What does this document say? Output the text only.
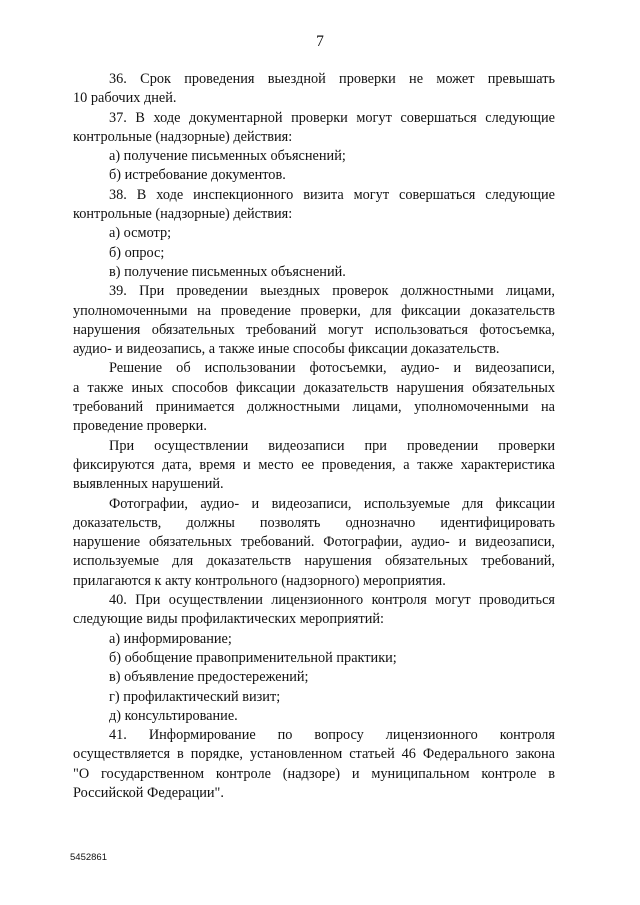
7
36. Срок проведения выездной проверки не может превышать
10 рабочих дней.
37. В ходе документарной проверки могут совершаться следующие
контрольные (надзорные) действия:
а) получение письменных объяснений;
б) истребование документов.
38. В ходе инспекционного визита могут совершаться следующие
контрольные (надзорные) действия:
а) осмотр;
б) опрос;
в) получение письменных объяснений.
39. При проведении выездных проверок должностными лицами,
уполномоченными на проведение проверки, для фиксации доказательств
нарушения обязательных требований могут использоваться фотосъемка,
аудио- и видеозапись, а также иные способы фиксации доказательств.
Решение об использовании фотосъемки, аудио- и видеозаписи,
а также иных способов фиксации доказательств нарушения обязательных
требований принимается должностными лицами, уполномоченными на
проведение проверки.
При осуществлении видеозаписи при проведении проверки
фиксируются дата, время и место ее проведения, а также характеристика
выявленных нарушений.
Фотографии, аудио- и видеозаписи, используемые для фиксации
доказательств, должны позволять однозначно идентифицировать
нарушение обязательных требований. Фотографии, аудио- и видеозаписи,
используемые для доказательств нарушения обязательных требований,
прилагаются к акту контрольного (надзорного) мероприятия.
40. При осуществлении лицензионного контроля могут проводиться
следующие виды профилактических мероприятий:
а) информирование;
б) обобщение правоприменительной практики;
в) объявление предостережений;
г) профилактический визит;
д) консультирование.
41. Информирование по вопросу лицензионного контроля
осуществляется в порядке, установленном статьей 46 Федерального закона
"О государственном контроле (надзоре) и муниципальном контроле в
Российской Федерации".
5452861
